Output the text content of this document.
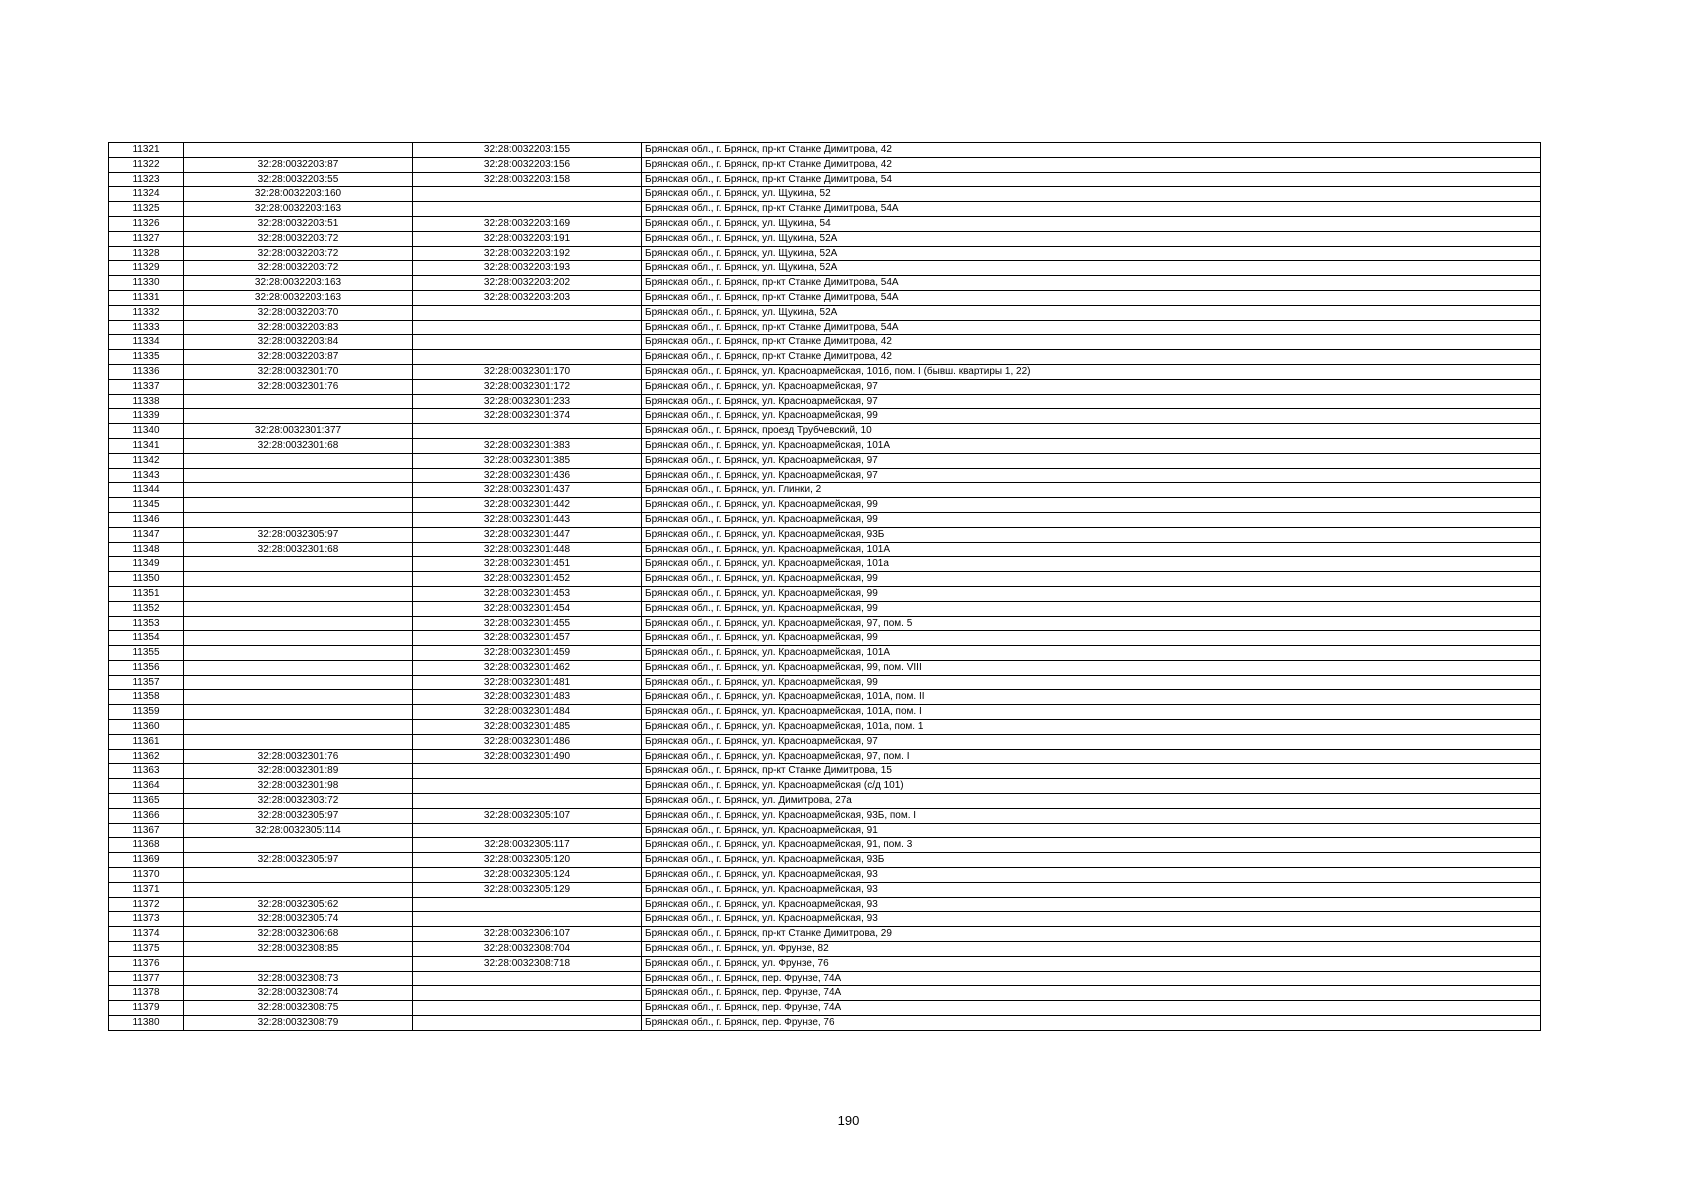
11321		32:28:0032203:155	Брянская обл., г. Брянск, пр-кт Станке Димитрова, 42
11322	32:28:0032203:87	32:28:0032203:156	Брянская обл., г. Брянск, пр-кт Станке Димитрова, 42
11323	32:28:0032203:55	32:28:0032203:158	Брянская обл., г. Брянск, пр-кт Станке Димитрова, 54
11324	32:28:0032203:160		Брянская обл., г. Брянск, ул. Щукина, 52
11325	32:28:0032203:163		Брянская обл., г. Брянск, пр-кт Станке Димитрова, 54А
11326	32:28:0032203:51	32:28:0032203:169	Брянская обл., г. Брянск, ул. Щукина, 54
11327	32:28:0032203:72	32:28:0032203:191	Брянская обл., г. Брянск, ул. Щукина, 52А
11328	32:28:0032203:72	32:28:0032203:192	Брянская обл., г. Брянск, ул. Щукина, 52А
11329	32:28:0032203:72	32:28:0032203:193	Брянская обл., г. Брянск, ул. Щукина, 52А
11330	32:28:0032203:163	32:28:0032203:202	Брянская обл., г. Брянск, пр-кт Станке Димитрова, 54А
11331	32:28:0032203:163	32:28:0032203:203	Брянская обл., г. Брянск, пр-кт Станке Димитрова, 54А
11332	32:28:0032203:70		Брянская обл., г. Брянск, ул. Щукина, 52А
11333	32:28:0032203:83		Брянская обл., г. Брянск, пр-кт Станке Димитрова, 54А
11334	32:28:0032203:84		Брянская обл., г. Брянск, пр-кт Станке Димитрова, 42
11335	32:28:0032203:87		Брянская обл., г. Брянск, пр-кт Станке Димитрова, 42
11336	32:28:0032301:70	32:28:0032301:170	Брянская обл., г. Брянск, ул. Красноармейская, 101б, пом. I (бывш. квартиры 1, 22)
11337	32:28:0032301:76	32:28:0032301:172	Брянская обл., г. Брянск, ул. Красноармейская, 97
11338		32:28:0032301:233	Брянская обл., г. Брянск, ул. Красноармейская, 97
11339		32:28:0032301:374	Брянская обл., г. Брянск, ул. Красноармейская, 99
11340	32:28:0032301:377		Брянская обл., г. Брянск, проезд Трубчевский, 10
11341	32:28:0032301:68	32:28:0032301:383	Брянская обл., г. Брянск, ул. Красноармейская, 101А
11342		32:28:0032301:385	Брянская обл., г. Брянск, ул. Красноармейская, 97
11343		32:28:0032301:436	Брянская обл., г. Брянск, ул. Красноармейская, 97
11344		32:28:0032301:437	Брянская обл., г. Брянск, ул. Глинки, 2
11345		32:28:0032301:442	Брянская обл., г. Брянск, ул. Красноармейская, 99
11346		32:28:0032301:443	Брянская обл., г. Брянск, ул. Красноармейская, 99
11347	32:28:0032305:97	32:28:0032301:447	Брянская обл., г. Брянск, ул. Красноармейская, 93Б
11348	32:28:0032301:68	32:28:0032301:448	Брянская обл., г. Брянск, ул. Красноармейская, 101А
11349		32:28:0032301:451	Брянская обл., г. Брянск, ул. Красноармейская, 101а
11350		32:28:0032301:452	Брянская обл., г. Брянск, ул. Красноармейская, 99
11351		32:28:0032301:453	Брянская обл., г. Брянск, ул. Красноармейская, 99
11352		32:28:0032301:454	Брянская обл., г. Брянск, ул. Красноармейская, 99
11353		32:28:0032301:455	Брянская обл., г. Брянск, ул. Красноармейская, 97, пом. 5
11354		32:28:0032301:457	Брянская обл., г. Брянск, ул. Красноармейская, 99
11355		32:28:0032301:459	Брянская обл., г. Брянск, ул. Красноармейская, 101А
11356		32:28:0032301:462	Брянская обл., г. Брянск, ул. Красноармейская, 99, пом. VIII
11357		32:28:0032301:481	Брянская обл., г. Брянск, ул. Красноармейская, 99
11358		32:28:0032301:483	Брянская обл., г. Брянск, ул. Красноармейская, 101А, пом. II
11359		32:28:0032301:484	Брянская обл., г. Брянск, ул. Красноармейская, 101А, пом. I
11360		32:28:0032301:485	Брянская обл., г. Брянск, ул. Красноармейская, 101а, пом. 1
11361		32:28:0032301:486	Брянская обл., г. Брянск, ул. Красноармейская, 97
11362	32:28:0032301:76	32:28:0032301:490	Брянская обл., г. Брянск, ул. Красноармейская, 97, пом. I
11363	32:28:0032301:89		Брянская обл., г. Брянск, пр-кт Станке Димитрова, 15
11364	32:28:0032301:98		Брянская обл., г. Брянск, ул. Красноармейская (с/д 101)
11365	32:28:0032303:72		Брянская обл., г. Брянск, ул. Димитрова, 27а
11366	32:28:0032305:97	32:28:0032305:107	Брянская обл., г. Брянск, ул. Красноармейская, 93Б, пом. I
11367	32:28:0032305:114		Брянская обл., г. Брянск, ул. Красноармейская, 91
11368		32:28:0032305:117	Брянская обл., г. Брянск, ул. Красноармейская, 91, пом. 3
11369	32:28:0032305:97	32:28:0032305:120	Брянская обл., г. Брянск, ул. Красноармейская, 93Б
11370		32:28:0032305:124	Брянская обл., г. Брянск, ул. Красноармейская, 93
11371		32:28:0032305:129	Брянская обл., г. Брянск, ул. Красноармейская, 93
11372	32:28:0032305:62		Брянская обл., г. Брянск, ул. Красноармейская, 93
11373	32:28:0032305:74		Брянская обл., г. Брянск, ул. Красноармейская, 93
11374	32:28:0032306:68	32:28:0032306:107	Брянская обл., г. Брянск, пр-кт Станке Димитрова, 29
11375	32:28:0032308:85	32:28:0032308:704	Брянская обл., г. Брянск, ул. Фрунзе, 82
11376		32:28:0032308:718	Брянская обл., г. Брянск, ул. Фрунзе, 76
11377	32:28:0032308:73		Брянская обл., г. Брянск, пер. Фрунзе, 74А
11378	32:28:0032308:74		Брянская обл., г. Брянск, пер. Фрунзе, 74А
11379	32:28:0032308:75		Брянская обл., г. Брянск, пер. Фрунзе, 74А
11380	32:28:0032308:79		Брянская обл., г. Брянск, пер. Фрунзе, 76
190
